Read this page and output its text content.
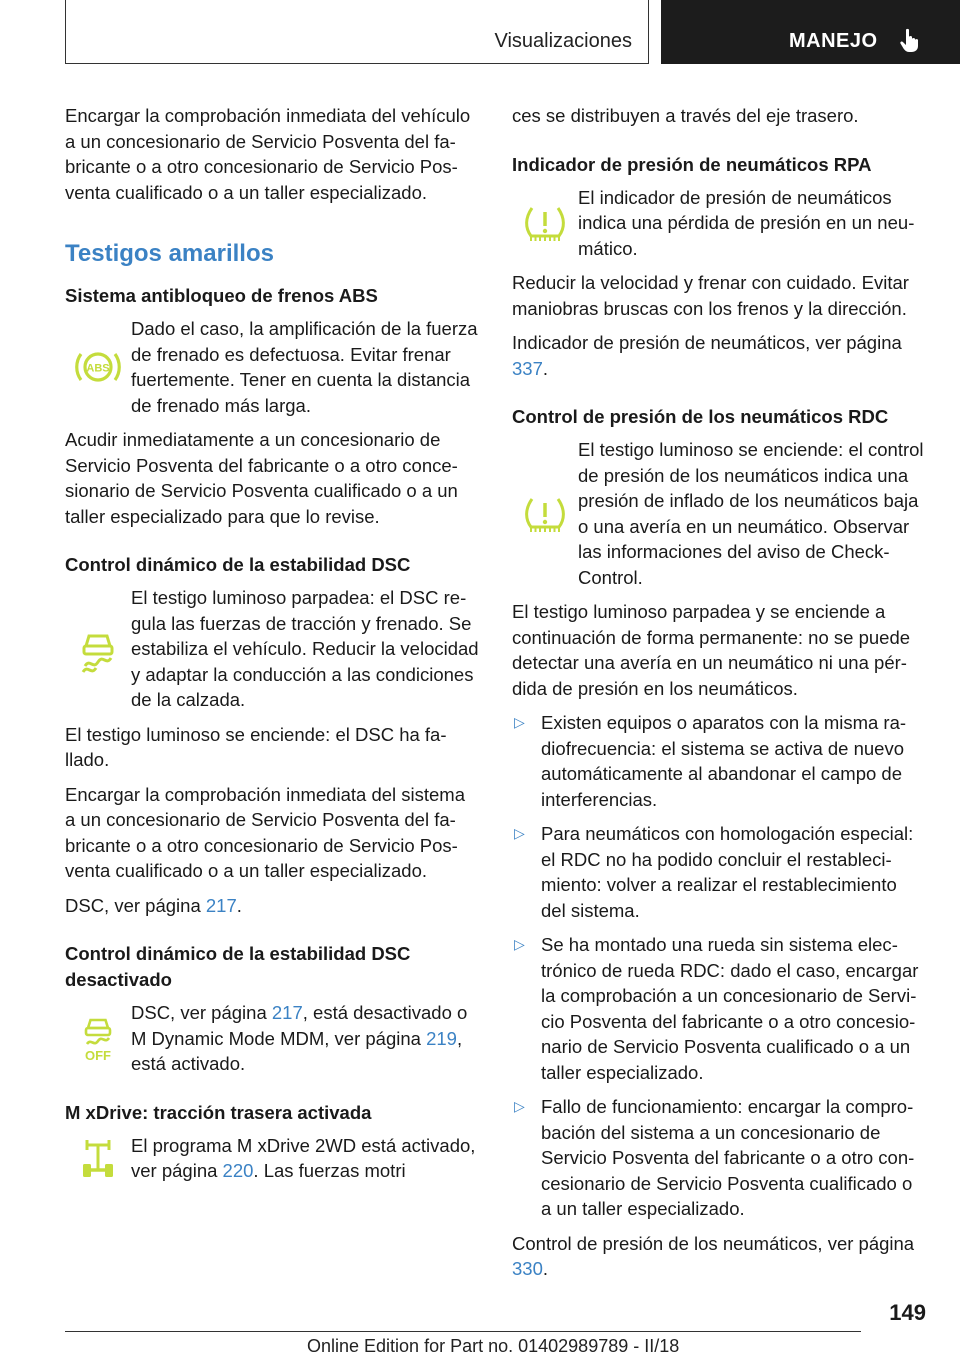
Visualizaciones	MANEJO

Encargar la comprobación inmediata del vehículo a un concesionario de Servicio Posventa del fabricante o a otro concesionario de Servicio Posventa cualificado o a un taller especializado.

Testigos amarillos
Sistema antibloqueo de frenos ABS
ABS

Dado el caso, la amplificación de la fuerza de frenado es defectuosa. Evitar frenar fuertemente. Tener en cuenta la distancia de frenado más larga.

Acudir inmediatamente a un concesionario de Servicio Posventa del fabricante o a otro concesionario de Servicio Posventa cualificado o a un taller especializado para que lo revise.

Control dinámico de la estabilidad DSC

El testigo luminoso parpadea: el DSC regula las fuerzas de tracción y frenado. Se estabiliza el vehículo. Reducir la velocidad y adaptar la conducción a las condiciones de la calzada.

El testigo luminoso se enciende: el DSC ha fallado.

Encargar la comprobación inmediata del sistema a un concesionario de Servicio Posventa del fabricante o a otro concesionario de Servicio Posventa cualificado o a un taller especializado.

DSC, ver página 217.

Control dinámico de la estabilidad DSC desactivado
OFF

DSC, ver página 217, está desactivado o M Dynamic Mode MDM, ver página 219, está activado.

M xDrive: tracción trasera activada

El programa M xDrive 2WD está activado, ver página 220. Las fuerzas motri

ces se distribuyen a través del eje trasero.

Indicador de presión de neumáticos RPA

El indicador de presión de neumáticos indica una pérdida de presión en un neumático.

Reducir la velocidad y frenar con cuidado. Evitar maniobras bruscas con los frenos y la dirección.

Indicador de presión de neumáticos, ver página 337.

Control de presión de los neumáticos RDC

El testigo luminoso se enciende: el control de presión de los neumáticos indica una presión de inflado de los neumáticos baja o una avería en un neumático. Observar las informaciones del aviso de Check-Control.

El testigo luminoso parpadea y se enciende a continuación de forma permanente: no se puede detectar una avería en un neumático ni una pérdida de presión en los neumáticos.

▷ Existen equipos o aparatos con la misma radiofrecuencia: el sistema se activa de nuevo automáticamente al abandonar el campo de interferencias.
▷ Para neumáticos con homologación especial: el RDC no ha podido concluir el restablecimiento: volver a realizar el restablecimiento del sistema.
▷ Se ha montado una rueda sin sistema electrónico de rueda RDC: dado el caso, encargar la comprobación a un concesionario de Servicio Posventa del fabricante o a otro concesionario de Servicio Posventa cualificado o a un taller especializado.
▷ Fallo de funcionamiento: encargar la comprobación del sistema a un concesionario de Servicio Posventa del fabricante o a otro concesionario de Servicio Posventa cualificado o a un taller especializado.

Control de presión de los neumáticos, ver página 330.

149
Online Edition for Part no. 01402989789 - II/18
